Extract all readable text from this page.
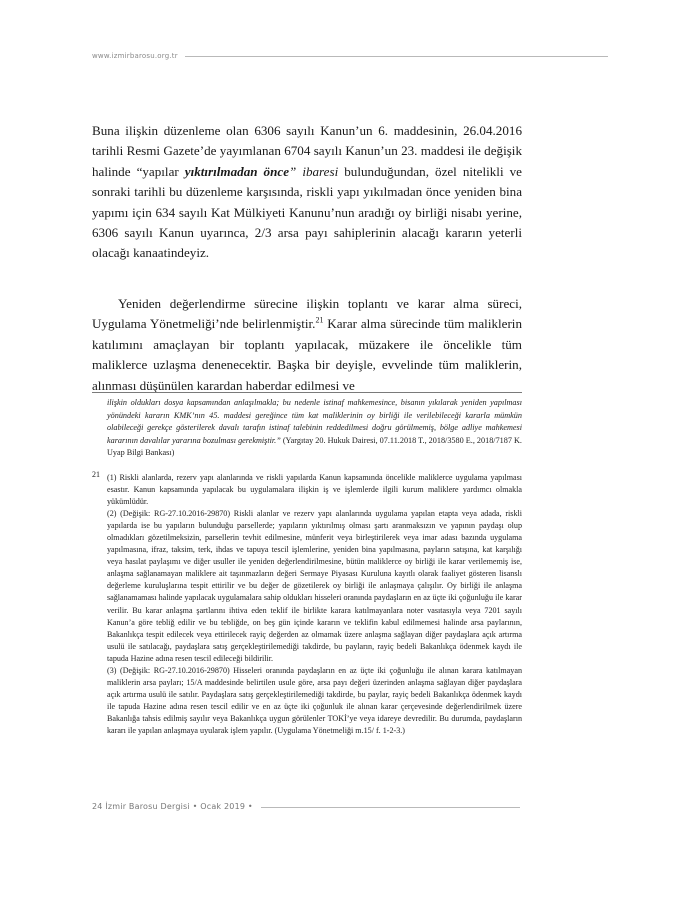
www.izmirbarosu.org.tr
Buna ilişkin düzenleme olan 6306 sayılı Kanun’un 6. maddesinin, 26.04.2016 tarihli Resmi Gazete’de yayımlanan 6704 sayılı Kanun’un 23. maddesi ile değişik halinde “yapılar yıktırılmadan önce” ibaresi bulunduğundan, özel nitelikli ve sonraki tarihli bu düzenleme karşısında, riskli yapı yıkılmadan önce yeniden bina yapımı için 634 sayılı Kat Mülkiyeti Kanunu’nun aradığı oy birliği nisabı yerine, 6306 sayılı Kanun uyarınca, 2/3 arsa payı sahiplerinin alacağı kararın yeterli olacağı kanaatindeyiz.
Yeniden değerlendirme sürecine ilişkin toplantı ve karar alma süreci, Uygulama Yönetmeliği’nde belirlenmiştir.$^{21}$ Karar alma sürecinde tüm maliklerin katılımını amaçlayan bir toplantı yapılacak, müzakere ile öncelikle tüm maliklerce uzlaşma denenecektir. Başka bir deyişle, evvelinde tüm maliklerin, alınması düşünülen karardan haberdar edilmesi ve
ilişkin oldukları dosya kapsamından anlaşılmakla; bu nedenle istinaf mahkemesince, bisanın yıkılarak yeniden yapılması yönündeki kararın KMK’nın 45. maddesi gereğince tüm kat maliklerinin oy birliği ile verilebileceği kararla mümkün olabileceği gerekçe gösterilerek davalı tarafın istinaf talebinin reddedilmesi doğru görülmemiş, bölge adliye mahkemesi kararının davalılar yararına bozulması gerekmiştir.” (Yargıtay 20. Hukuk Dairesi, 07.11.2018 T., 2018/3580 E., 2018/7187 K. Uyap Bilgi Bankası)
21 (1) Riskli alanlarda, rezerv yapı alanlarında ve riskli yapılarda Kanun kapsamında öncelikle maliklerce uygulama yapılması esastır. Kanun kapsamında yapılacak bu uygulamalara ilişkin iş ve işlemlerde ilgili kurum maliklere yardımcı olmakla yükümlüdür.

(2) (Değişik: RG-27.10.2016-29870) Riskli alanlar ve rezerv yapı alanlarında uygulama yapılan etapta veya adada, riskli yapılarda ise bu yapıların bulunduğu parsellerde; yapıların yıktırılmış olması şartı aranmaksızın ve yapının paydaşı olup olmadıkları gözetilmeksizin, parsellerin tevhit edilmesine, münferit veya birleştirilerek veya imar adası bazında uygulama yapılmasına, ifraz, taksim, terk, ihdas ve tapuya tescil işlemlerine, yeniden bina yapılmasına, payların satışına, kat karşılığı veya hasılat paylaşımı ve diğer usuller ile yeniden değerlendirilmesine, bütün maliklerce oy birliği ile karar verilememiş ise, anlaşma sağlanamayan maliklere ait taşınmazların değeri Sermaye Piyasası Kuruluna kayıtlı olarak faaliyet gösteren lisanslı değerleme kuruluşlarına tespit ettirilir ve bu değer de gözetilerek oy birliği ile anlaşmaya çalışılır. Oy birliği ile anlaşma sağlanamaması halinde yapılacak uygulamalara sahip oldukları hisseleri oranında paydaşların en az üçte iki çoğunluğu ile karar verilir. Bu karar anlaşma şartlarını ihtiva eden teklif ile birlikte karara katılmayanlara noter vasıtasıyla veya 7201 sayılı Kanun’a göre tebliğ edilir ve bu tebliğde, on beş gün içinde kararın ve teklifin kabul edilmemesi halinde arsa paylarının, Bakanlıkça tespit edilecek veya ettirilecek rayiç değerden az olmamak üzere anlaşma sağlayan diğer paydaşlara açık artırma usulü ile satılacağı, paydaşlara satış gerçekleştirilemediği takdirde, bu payların, rayiç bedeli Bakanlıkça ödenmek kaydı ile tapuda Hazine adına resen tescil edileceği bildirilir.

(3) (Değişik: RG-27.10.2016-29870) Hisseleri oranında paydaşların en az üçte iki çoğunluğu ile alınan karara katılmayan maliklerin arsa payları; 15/A maddesinde belirtilen usule göre, arsa payı değeri üzerinden anlaşma sağlayan diğer paydaşlara açık artırma usulü ile satılır. Paydaşlara satış gerçekleştirilemediği takdirde, bu paylar, rayiç bedeli Bakanlıkça ödenmek kaydı ile tapuda Hazine adına resen tescil edilir ve en az üçte iki çoğunluk ile alınan karar çerçevesinde değerlendirilmek üzere Bakanlığa tahsis edilmiş sayılır veya Bakanlıkça uygun görülenler TOKİ’ye veya idareye devredilir. Bu durumda, paydaşların kararı ile yapılan anlaşmaya uyularak işlem yapılır. (Uygulama Yönetmeliği m.15/ f. 1-2-3.)

24 İzmir Barosu Dergisi • Ocak 2019 •
